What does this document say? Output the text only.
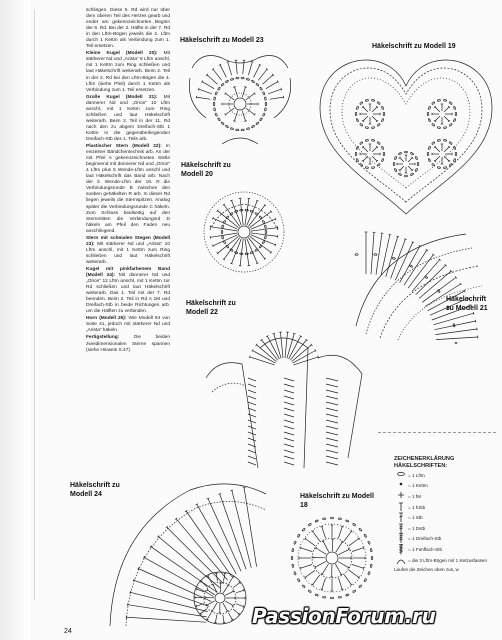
schlingen. Diese 5. Rd wird nur über dem oberen Teil des Herzes gearb und endet am gekennzeichneten Beginn der 6. Rd. Bei der 2. Hälfte in der 7. Rd in den Lftm-Bögen jeweils die 2. Lftm durch 1 Kettm als Verbindung zum 1. Teil ersetzen.

Kleine Kugel (Modell 20): Mit stärkerer Nd und „Arista“ 8 Lftm anschl, mit 1 Kettm zum Ring schließen und laut Häkelschrift weiterarb. Beim 2. Teil in der 2. Rd bei den Lftm-Bögen die 4. Lftm (siehe Pfeil) durch 1 Kettm als Verbindung zum 1. Teil ersetzen.

Große Kugel (Modell 21): Mit dünnerer Nd und „Orion“ 10 Lftm anschl, mit 1 Kettm zum Ring schließen und laut Häkelschrift weiterarb. Beim 2. Teil in der 11. Rd nach den zu abgem Dreifach-Stb 1 Kettm in die gegenüberliegenden Dreifach-Stb des 1. Teils arb.

Plastischer Stern (Modell 22): In einzelner Bändchentechnik arb. An der mit Pfeil A gekennzeichneten Stelle beginnend mit dünnerer Nd und „Orion“ 4 Lftm plus 5 Wende-Lftm anschl und laut Häkelschrift das Band arb. Nach der 3. Wende-Lftm der 19. R die Verbindungsrunde B zwischen den soeben gehäkelten R arb. In dieser Rd liegen jeweils die Sternspitzen. Analog später die Verbindungsrunde C häkeln. Zum Schluss beidseitig auf den Sternmitten die Verbindungsrd D häkeln am Pfeil den Faden neu anschlingend.

Stern mit schmalen Stegen (Modell 23): Mit stärkerer Nd und „Arista“ 10 Lftm anschl, mit 1 Kettm zum Ring schließen und laut Häkelschrift weiterarb.

Kugel mit pinkfarbenem Band (Modell 24): Mit dünnerer Nd und „Orion“ 12 Lftm anschl, mit 1 Kettm zur Rd schließen und laut Häkelschrift weiterarb. Das 1. Teil mit der 7. Rd beenden. Beim 2. Teil in Rd A 1M und Dreifach-Stb in beide Richtungen arb. um die Hälften zu verbinden.

Horn (Modell 25): Wie Modell 84 von Seite 41, jedoch mit stärkerer Nd und „Arista“ häkeln.

Fertigstellung:	Die beiden zweidimensionalen Sterne spannen (siehe Hinweis S.47).

Häkelschrift zu Modell 23
Häkelschrift zu Modell 19
Häkelschrift zu Modell 20
Häkelschrift zu Modell 21
Häkelschrift zu Modell 22
Häkelschrift zu Modell 24	Häkelschrift zu Modell 18
ZEICHENERKLÄRUNG HÄKELSCHRIFTEN:
= 1 Lftm
= 1 Kettm
= 1 fM
= 1 hStb
= 1 Stb
= 1 Dstb
= 1 Dreifach-Stb
= 1 Fünffach-Stb
= die 3 Lftm-Bögen mit 1 Ketzusfassen
Laufen die Zeichen oben zus, w
24
PassionForum.ru
